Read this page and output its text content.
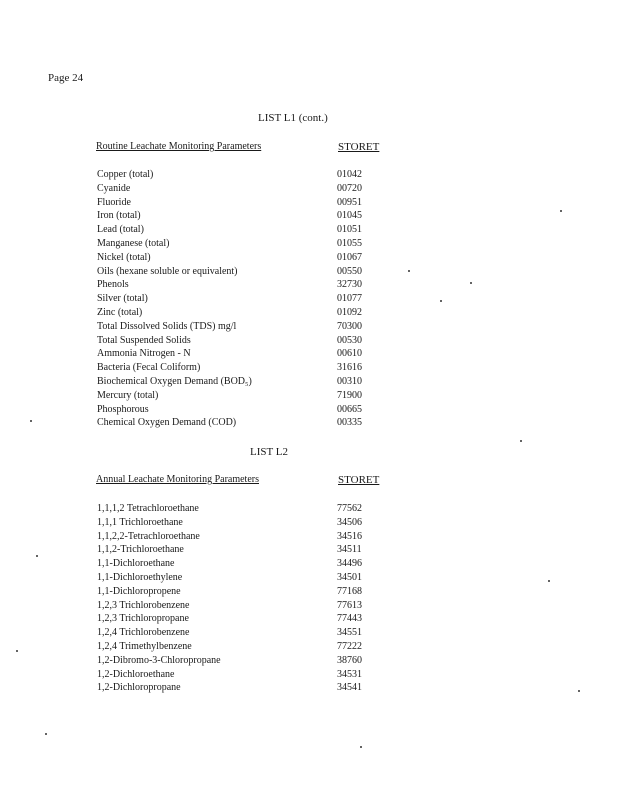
Page 24
LIST L1 (cont.)
Routine Leachate Monitoring Parameters	STORET
Copper (total)	01042
Cyanide	00720
Fluoride	00951
Iron (total)	01045
Lead (total)	01051
Manganese (total)	01055
Nickel (total)	01067
Oils (hexane soluble or equivalent)	00550
Phenols	32730
Silver (total)	01077
Zinc (total)	01092
Total Dissolved Solids (TDS) mg/l	70300
Total Suspended Solids	00530
Ammonia Nitrogen - N	00610
Bacteria (Fecal Coliform)	31616
Biochemical Oxygen Demand (BOD₅)	00310
Mercury (total)	71900
Phosphorous	00665
Chemical Oxygen Demand (COD)	00335
LIST L2
Annual Leachate Monitoring Parameters	STORET
1,1,1,2 Tetrachloroethane	77562
1,1,1 Trichloroethane	34506
1,1,2,2-Tetrachloroethane	34516
1,1,2-Trichloroethane	34511
1,1-Dichloroethane	34496
1,1-Dichloroethylene	34501
1,1-Dichloropropene	77168
1,2,3 Trichlorobenzene	77613
1,2,3 Trichloropropane	77443
1,2,4 Trichlorobenzene	34551
1,2,4 Trimethylbenzene	77222
1,2-Dibromo-3-Chloropropane	38760
1,2-Dichloroethane	34531
1,2-Dichloropropane	34541
